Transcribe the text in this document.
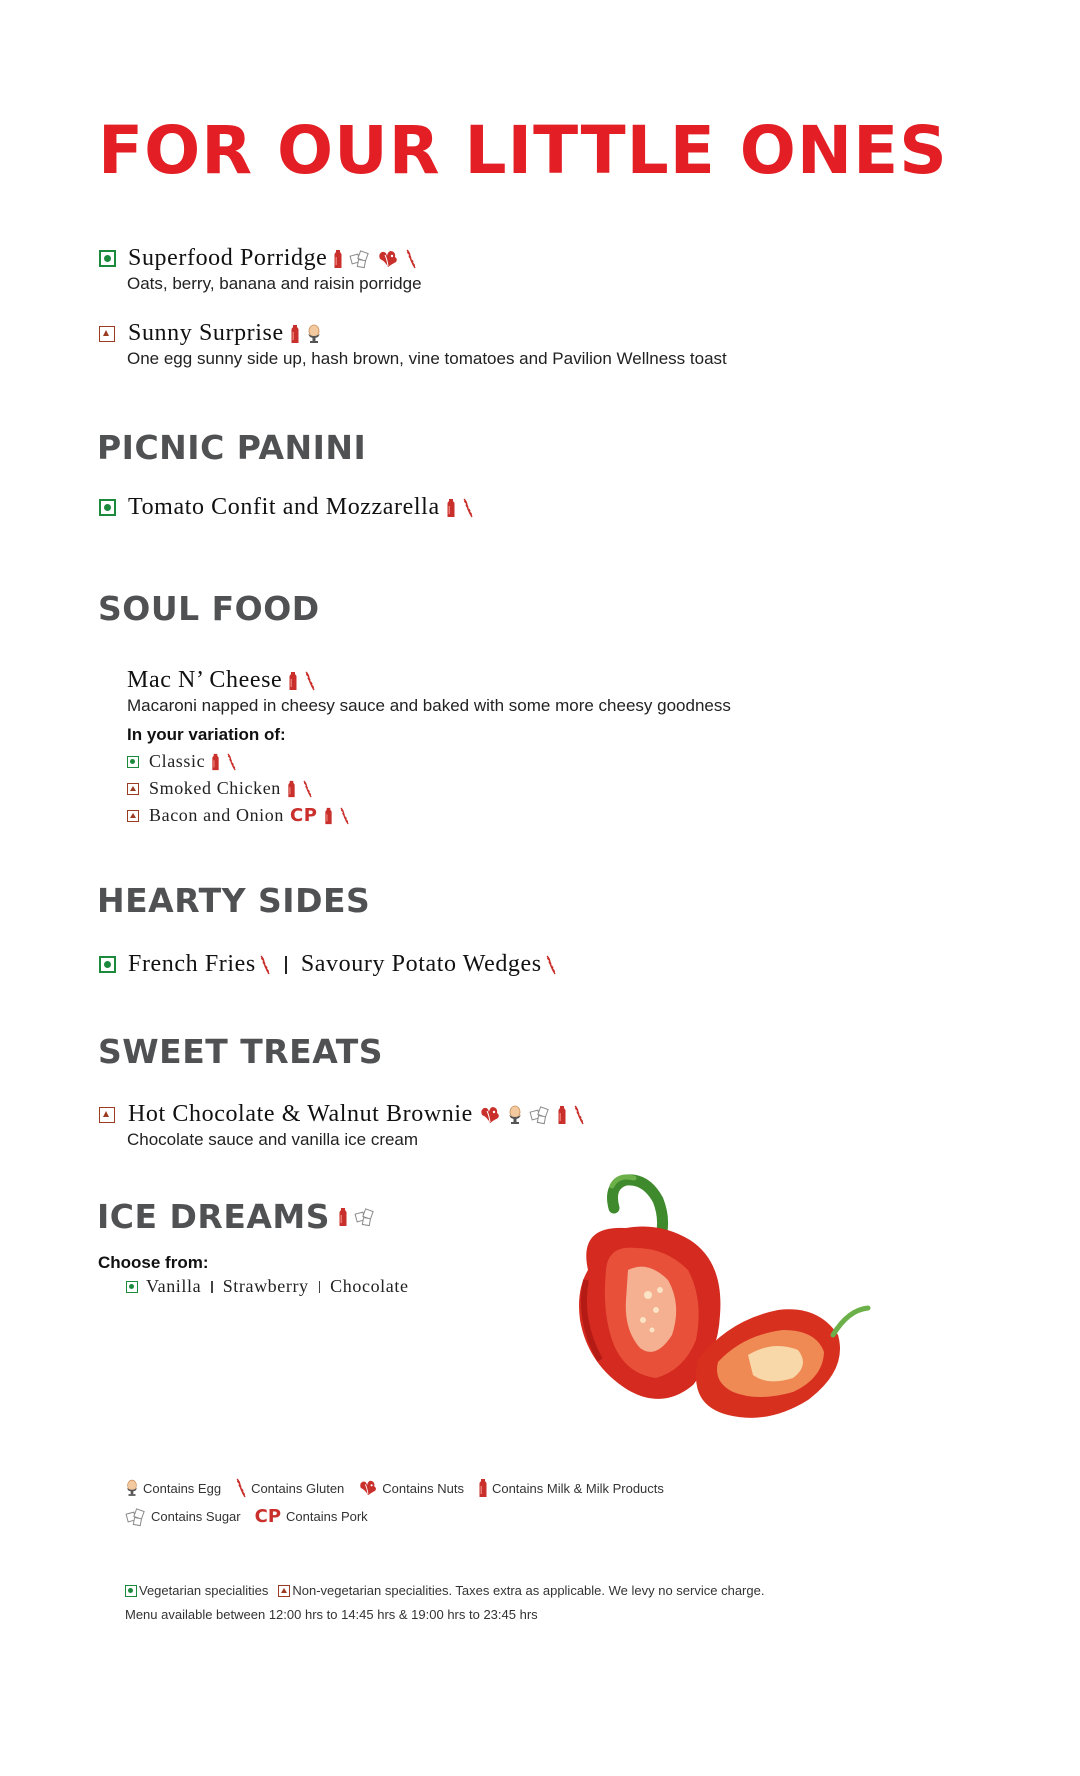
FOR OUR LITTLE ONES
Superfood Porridge
Oats, berry, banana and raisin porridge
Sunny Surprise
One egg sunny side up, hash brown, vine tomatoes and Pavilion Wellness toast
PICNIC PANINI
Tomato Confit and Mozzarella
SOUL FOOD
Mac N’ Cheese
Macaroni napped in cheesy sauce and baked with some more cheesy goodness
In your variation of:
Classic
Smoked Chicken
Bacon and Onion CP
HEARTY SIDES
French Fries Savoury Potato Wedges
SWEET TREATS
Hot Chocolate & Walnut Brownie
Chocolate sauce and vanilla ice cream
ICE DREAMS
Choose from:
Vanilla Strawberry Chocolate
Contains Egg Contains Gluten	Contains Nuts Contains Milk & Milk Products
Contains Sugar CP Contains Pork
Vegetarian specialities Non-vegetarian specialities. Taxes extra as applicable. We levy no service charge.
Menu available between 12:00 hrs to 14:45 hrs & 19:00 hrs to 23:45 hrs
